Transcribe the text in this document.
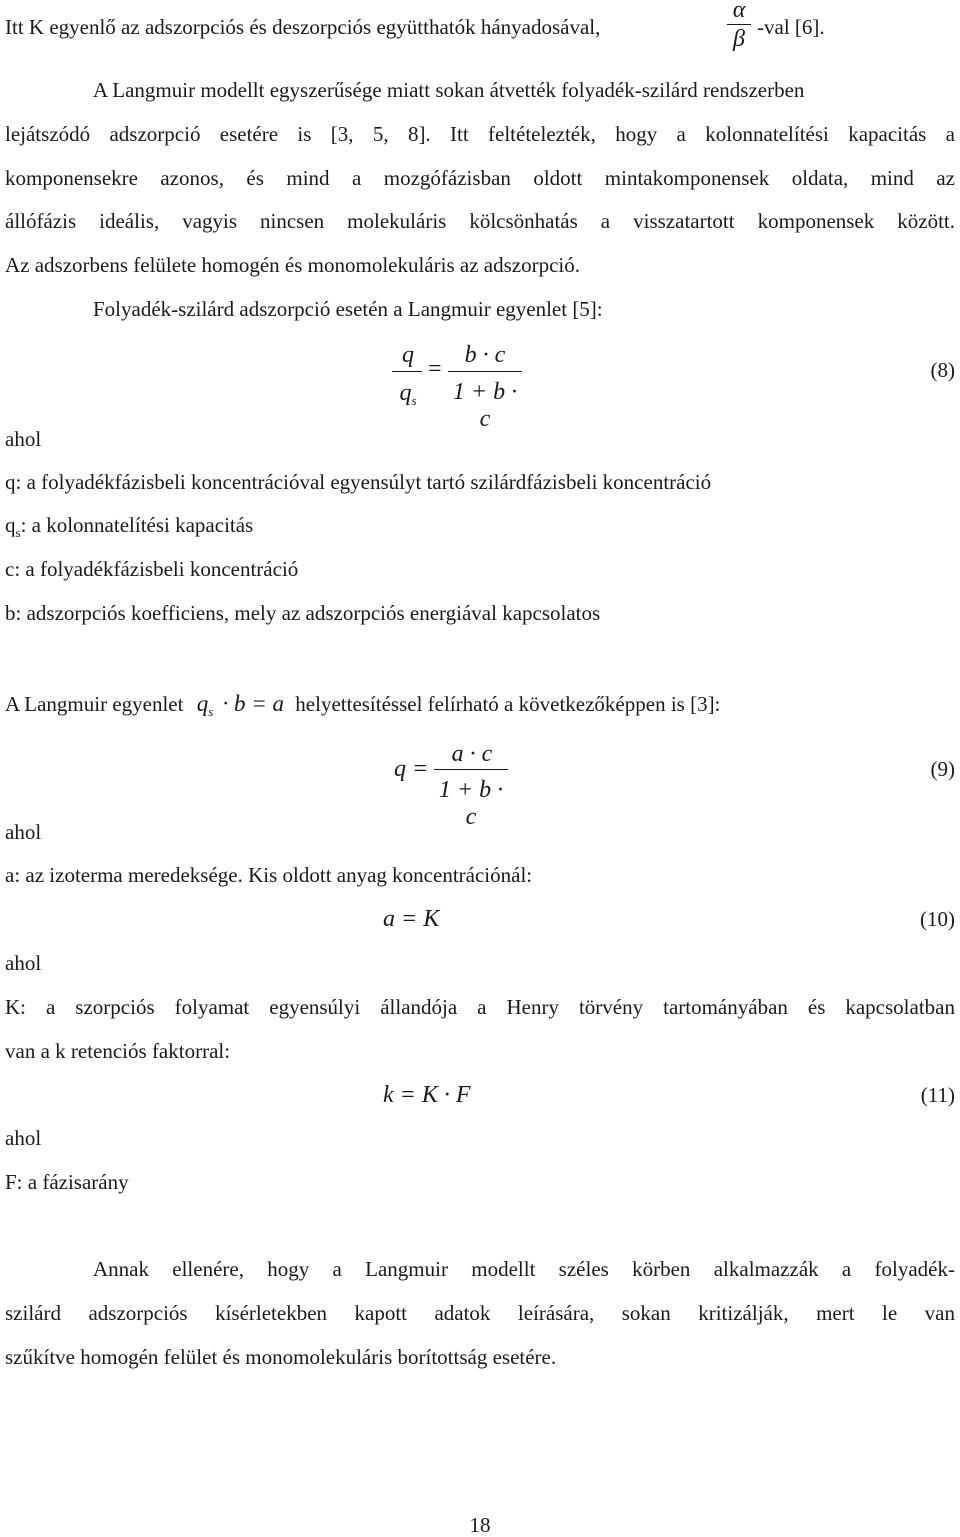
Itt K egyenlő az adszorpciós és deszorpciós együtthatók hányadosával,
α
β -val [6].
A Langmuir modellt egyszerűsége miatt sokan átvették folyadék-szilárd rendszerben
lejátszódó adszorpció esetére is [3, 5, 8]. Itt feltételezték, hogy a kolonnatelítési kapacitás a
komponensekre azonos, és mind a mozgófázisban oldott mintakomponensek oldata, mind az
állófázis ideális, vagyis nincsen molekuláris kölcsönhatás a visszatartott komponensek között.
Az adszorbens felülete homogén és monomolekuláris az adszorpció.
Folyadék-szilárd adszorpció esetén a Langmuir egyenlet [5]:
q
$q_s$
=
b · c
1 + b · c
(8)
ahol
q: a folyadékfázisbeli koncentrációval egyensúlyt tartó szilárdfázisbeli koncentráció
$q_s$: a kolonnatelítési kapacitás
c: a folyadékfázisbeli koncentráció
b: adszorpciós koefficiens, mely az adszorpciós energiával kapcsolatos
A Langmuir egyenlet $q_s \cdot b = a$ helyettesítéssel felírható a következőképpen is [3]:
q =
a · c
1 + b · c
(9)
ahol
a: az izoterma meredeksége. Kis oldott anyag koncentrációnál:
a = K	(10)
ahol
K: a szorpciós folyamat egyensúlyi állandója a Henry törvény tartományában és kapcsolatban
van a k retenciós faktorral:
k = K · F	(11)
ahol
F: a fázisarány
Annak ellenére, hogy a Langmuir modellt széles körben alkalmazzák a folyadék-
szilárd adszorpciós kísérletekben kapott adatok leírására, sokan kritizálják, mert le van
szűkítve homogén felület és monomolekuláris borítottság esetére.
18
